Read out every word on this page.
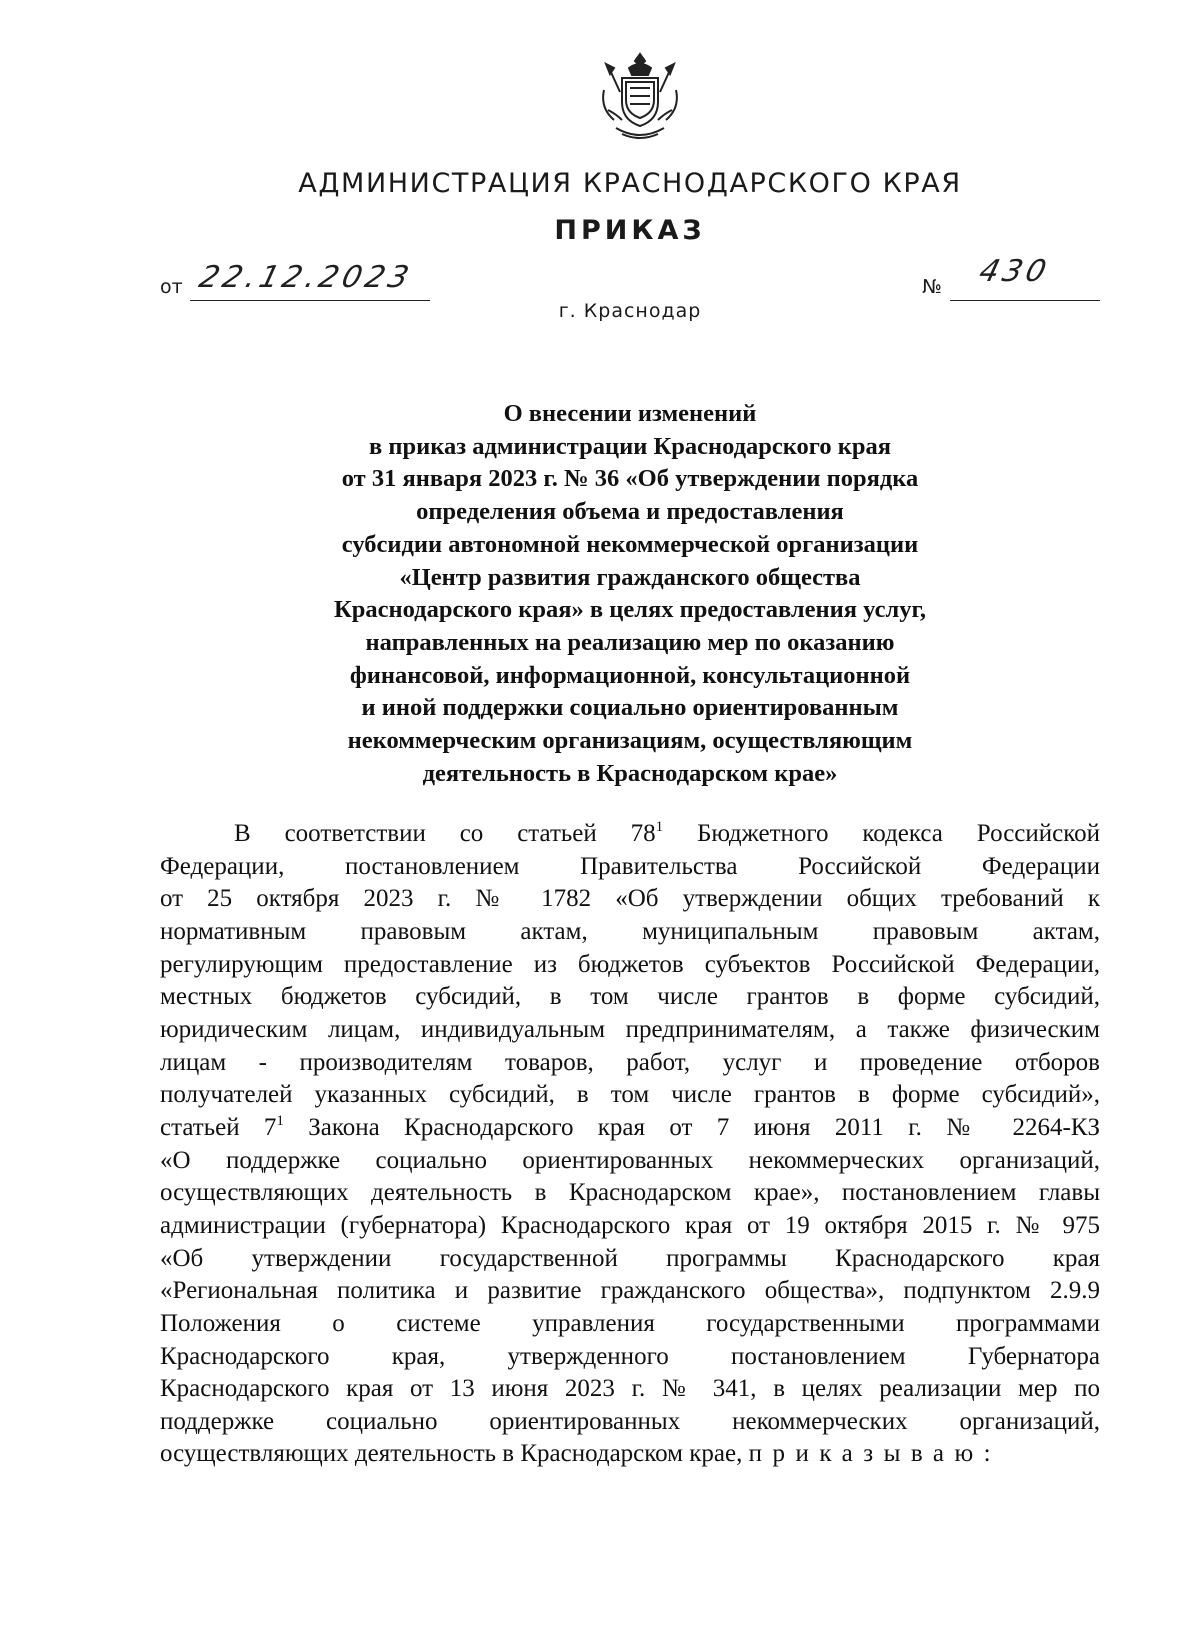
АДМИНИСТРАЦИЯ КРАСНОДАРСКОГО КРАЯ
ПРИКАЗ
от 22.12.2023	№ 430
г. Краснодар
О внесении изменений
в приказ администрации Краснодарского края
от 31 января 2023 г. № 36 «Об утверждении порядка
определения объема и предоставления
субсидии автономной некоммерческой организации
«Центр развития гражданского общества
Краснодарского края» в целях предоставления услуг,
направленных на реализацию мер по оказанию
финансовой, информационной, консультационной
и иной поддержки социально ориентированным
некоммерческим организациям, осуществляющим
деятельность в Краснодарском крае»
В соответствии со статьей $78^1$ Бюджетного кодекса Российской
Федерации, постановлением Правительства Российской Федерации
от 25 октября 2023 г. № 1782 «Об утверждении общих требований к
нормативным правовым актам, муниципальным правовым актам,
регулирующим предоставление из бюджетов субъектов Российской Федерации,
местных бюджетов субсидий, в том числе грантов в форме субсидий,
юридическим лицам, индивидуальным предпринимателям, а также физическим
лицам - производителям товаров, работ, услуг и проведение отборов
получателей указанных субсидий, в том числе грантов в форме субсидий»,
статьей $7^1$ Закона Краснодарского края от 7 июня 2011 г. № 2264-КЗ
«О поддержке социально ориентированных некоммерческих организаций,
осуществляющих деятельность в Краснодарском крае», постановлением главы
администрации (губернатора) Краснодарского края от 19 октября 2015 г. № 975
«Об утверждении государственной программы Краснодарского края
«Региональная политика и развитие гражданского общества», подпунктом 2.9.9
Положения о системе управления государственными программами
Краснодарского края, утвержденного постановлением Губернатора
Краснодарского края от 13 июня 2023 г. № 341, в целях реализации мер по
поддержке социально ориентированных некоммерческих организаций,
осуществляющих деятельность в Краснодарском крае, приказываю:
